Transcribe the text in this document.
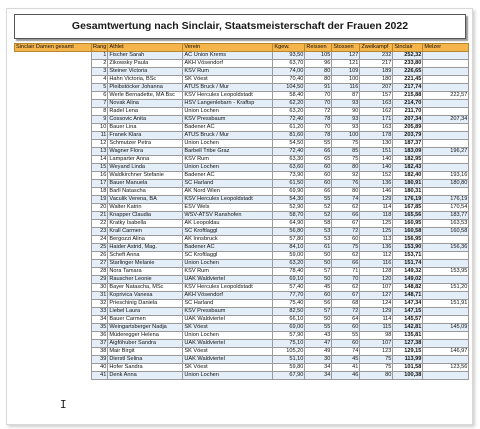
Gesamtwertung nach Sinclair, Staatsmeisterschaft der Frauen 2022
Sinclair Damen gesamt	Rang	Athlet	Verein	Kgew.	Reissen	Stossen	Zweikampf	Sinclair	Melzer
	1	Fischer Sarah	AC Union Krems	93,50	105	127	232	252,32	
	2	Zikowsky Paula	AKH Vösendorf	63,70	96	121	217	233,80	
	3	Steiner Victoria	KSV Rum	74,00	80	109	189	226,65	
	4	Hahn Victoria, BSc	SK Vöest	70,40	80	100	180	221,45	
	5	Pleibstöcker Johanna	ATUS Bruck / Mur	104,50	91	116	207	217,74	
	6	Werle Bernadette, MA Bsc	KSV Hercules Leopoldstadt	58,40	70	87	157	215,88	222,57
	7	Novak Alina	HSV Langenlebarn - Kraftsp	62,20	70	93	163	214,70	
	8	Radel Lena	Union Lochen	63,20	72	90	162	211,70	
	9	Cossovic Anita	KSV Pressbaum	72,40	78	93	171	207,34	207,34
	10	Bauer Lina	Badener AC	61,20	70	93	163	205,89	
	11	Franek Klara	ATUS Bruck / Mur	81,60	78	100	178	203,79	
	12	Schmutzer Petra	Union Lochen	54,50	55	75	130	187,37	
	13	Wagner Flora	Barbell Tribe Graz	72,40	66	85	151	183,09	196,27
	14	Lamparter Anna	KSV Rum	63,30	65	75	140	182,95	
	15	Weyand Linda	Union Lochen	63,60	60	80	140	182,43	
	16	Waldkirchner Stefanie	Badener AC	73,90	60	92	152	182,40	193,16
	17	Bauer Manuela	SC Harland	61,50	60	76	136	180,91	180,80
	18	Barll Natascha	AK Nord Wien	69,90	66	80	146	180,31	
	19	Vaculik Verena, BA	KSV Hercules Leopoldstadt	54,30	55	74	129	176,19	176,19
	20	Walter Katrin	ESV Wels	52,90	52	62	114	167,85	170,54
	21	Knapper Claudia	WSV-ATSV Ranshofen	58,70	52	66	118	165,56	183,77
	22	Kratky Isabella	AK Leopoldau	64,90	58	67	125	160,95	163,53
	23	Krall Carmen	SC Kroftlaggl	56,80	53	72	125	160,58	160,58
	24	Bergozzi Alina	AK Innsbruck	57,80	53	60	113	156,95	
	25	Haider Astrid, Mag.	Badener AC	84,10	61	75	136	153,90	156,36
	26	Scheft Anna	SC Kroftlaggl	59,00	50	62	112	153,71	
	27	Starlinger Melanie	Union Lochen	63,20	50	66	116	151,74	
	28	Nora Tamara	KSV Rum	78,40	57	71	128	149,32	153,95
	29	Rauscher Leonie	UAK Waldviertel	69,10	50	70	120	149,02	
	30	Bayer Natascha, MSc	KSV Hercules Leopoldstadt	57,40	45	62	107	148,82	151,20
	31	Koprivica Vanesa	AKH Vösendorf	77,70	60	67	127	148,71	
	32	Prieschinig Daniela	SC Harland	75,40	56	68	124	147,34	151,91
	33	Liebel Laura	KSV Pressbaum	82,50	57	72	129	147,15	
	34	Bauer Carmen	UAK Waldviertel	66,10	50	64	114	145,57	
	35	Weingartsberger Nadja	SK Vöest	69,00	55	60	115	142,81	145,09
	36	Müderegger Helena	Union Lochen	57,90	43	55	98	135,81	
	37	Aigföhuber Sandra	UAK Waldviertel	75,10	47	60	107	127,38	
	38	Mair Birgit	SK Vöest	105,20	49	74	123	129,15	146,97
	39	Dierstl Selina	UAK Waldviertel	51,10	30	45	75	113,99	
	40	Hofer Sandra	SK Vöest	59,80	34	41	75	101,58	123,56
	41	Denk Anna	Union Lochen	67,90	34	46	80	100,38	
I
